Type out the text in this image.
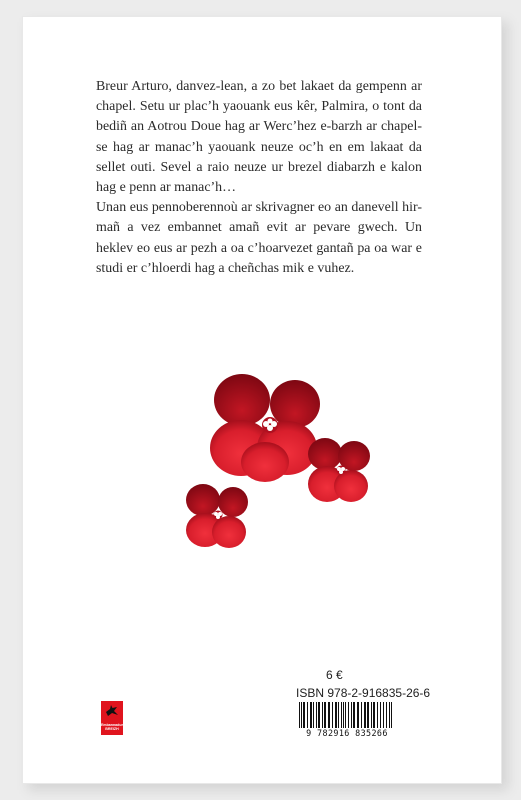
Breur Arturo, danvez-lean, a zo bet lakaet da gempenn ar chapel. Setu ur plac’h yaouank eus kêr, Palmira, o tont da bediñ an Aotrou Doue hag ar Werc’hez e-barzh ar chapel-se hag ar manac’h yaouank neuze oc’h en em lakaat da sellet outi. Sevel a raio neuze ur brezel diabarzh e kalon hag e penn ar manac’h…

Unan eus pennoberennoù ar skrivagner eo an danevell hir-mañ a vez embannet amañ evit ar pevare gwech. Un heklev eo eus ar pezh a oa c’hoarvezet gantañ pa oa war e studi er c’hloerdi hag a cheñchas mik e vuhez.

6 €
ISBN 978-2-916835-26-6
9 782916 835266
Embannadurioù
BREIZH
